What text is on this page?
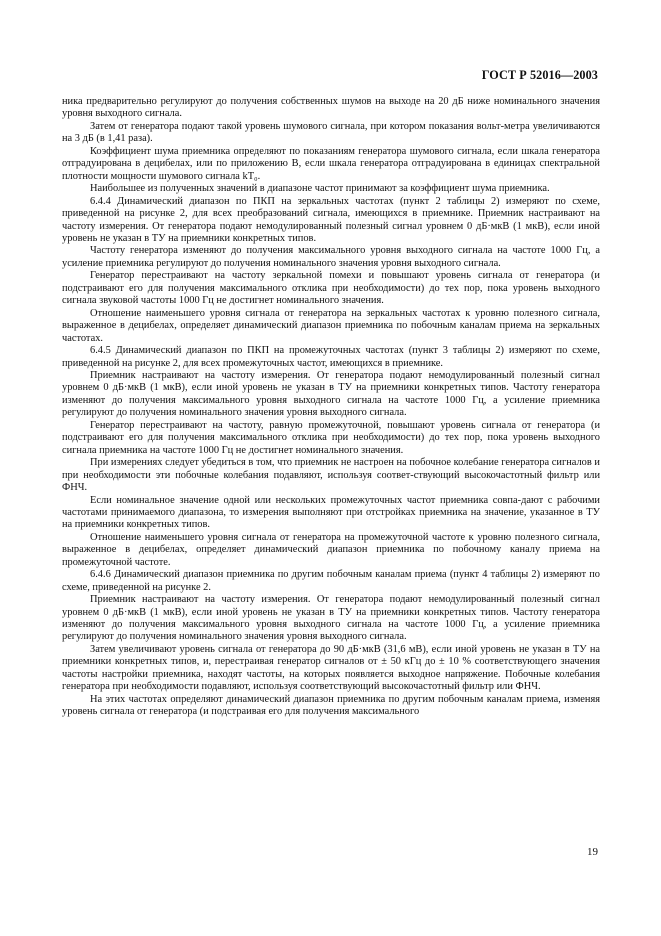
ГОСТ Р 52016—2003

ника предварительно регулируют до получения собственных шумов на выходе на 20 дБ ниже номинального значения уровня выходного сигнала.

Затем от генератора подают такой уровень шумового сигнала, при котором показания вольт-метра увеличиваются на 3 дБ (в 1,41 раза).

Коэффициент шума приемника определяют по показаниям генератора шумового сигнала, если шкала генератора отградуирована в децибелах, или по приложению В, если шкала генератора отградуирована в единицах спектральной плотности мощности шумового сигнала kT₀.

Наибольшее из полученных значений в диапазоне частот принимают за коэффициент шума приемника.

6.4.4 Динамический диапазон по ПКП на зеркальных частотах (пункт 2 таблицы 2) измеряют по схеме, приведенной на рисунке 2, для всех преобразований сигнала, имеющихся в приемнике. Приемник настраивают на частоту измерения. От генератора подают немодулированный полезный сигнал уровнем 0 дБ·мкВ (1 мкВ), если иной уровень не указан в ТУ на приемники конкретных типов.

Частоту генератора изменяют до получения максимального уровня выходного сигнала на частоте 1000 Гц, а усиление приемника регулируют до получения номинального значения уровня выходного сигнала.

Генератор перестраивают на частоту зеркальной помехи и повышают уровень сигнала от генератора (и подстраивают его для получения максимального отклика при необходимости) до тех пор, пока уровень выходного сигнала звуковой частоты 1000 Гц не достигнет номинального значения.

Отношение наименьшего уровня сигнала от генератора на зеркальных частотах к уровню полезного сигнала, выраженное в децибелах, определяет динамический диапазон приемника по побочным каналам приема на зеркальных частотах.

6.4.5 Динамический диапазон по ПКП на промежуточных частотах (пункт 3 таблицы 2) измеряют по схеме, приведенной на рисунке 2, для всех промежуточных частот, имеющихся в приемнике.

Приемник настраивают на частоту измерения. От генератора подают немодулированный полезный сигнал уровнем 0 дБ·мкВ (1 мкВ), если иной уровень не указан в ТУ на приемники конкретных типов. Частоту генератора изменяют до получения максимального уровня выходного сигнала на частоте 1000 Гц, а усиление приемника регулируют до получения номинального значения уровня выходного сигнала.

Генератор перестраивают на частоту, равную промежуточной, повышают уровень сигнала от генератора (и подстраивают его для получения максимального отклика при необходимости) до тех пор, пока уровень выходного сигнала приемника на частоте 1000 Гц не достигнет номинального значения.

При измерениях следует убедиться в том, что приемник не настроен на побочное колебание генератора сигналов и при необходимости эти побочные колебания подавляют, используя соответ-ствующий высокочастотный фильтр или ФНЧ.

Если номинальное значение одной или нескольких промежуточных частот приемника совпа-дают с рабочими частотами принимаемого диапазона, то измерения выполняют при отстройках приемника на значение, указанное в ТУ на приемники конкретных типов.

Отношение наименьшего уровня сигнала от генератора на промежуточной частоте к уровню полезного сигнала, выраженное в децибелах, определяет динамический диапазон приемника по побочному каналу приема на промежуточной частоте.

6.4.6 Динамический диапазон приемника по другим побочным каналам приема (пункт 4 таблицы 2) измеряют по схеме, приведенной на рисунке 2.

Приемник настраивают на частоту измерения. От генератора подают немодулированный полезный сигнал уровнем 0 дБ·мкВ (1 мкВ), если иной уровень не указан в ТУ на приемники конкретных типов. Частоту генератора изменяют до получения максимального уровня выходного сигнала на частоте 1000 Гц, а усиление приемника регулируют до получения номинального значения уровня выходного сигнала.

Затем увеличивают уровень сигнала от генератора до 90 дБ·мкВ (31,6 мВ), если иной уровень не указан в ТУ на приемники конкретных типов, и, перестраивая генератор сигналов от ± 50 кГц до ± 10 % соответствующего значения частоты настройки приемника, находят частоты, на которых появляется выходное напряжение. Побочные колебания генератора при необходимости подавляют, используя соответствующий высокочастотный фильтр или ФНЧ.

На этих частотах определяют динамический диапазон приемника по другим побочным каналам приема, изменяя уровень сигнала от генератора (и подстраивая его для получения максимального

19
